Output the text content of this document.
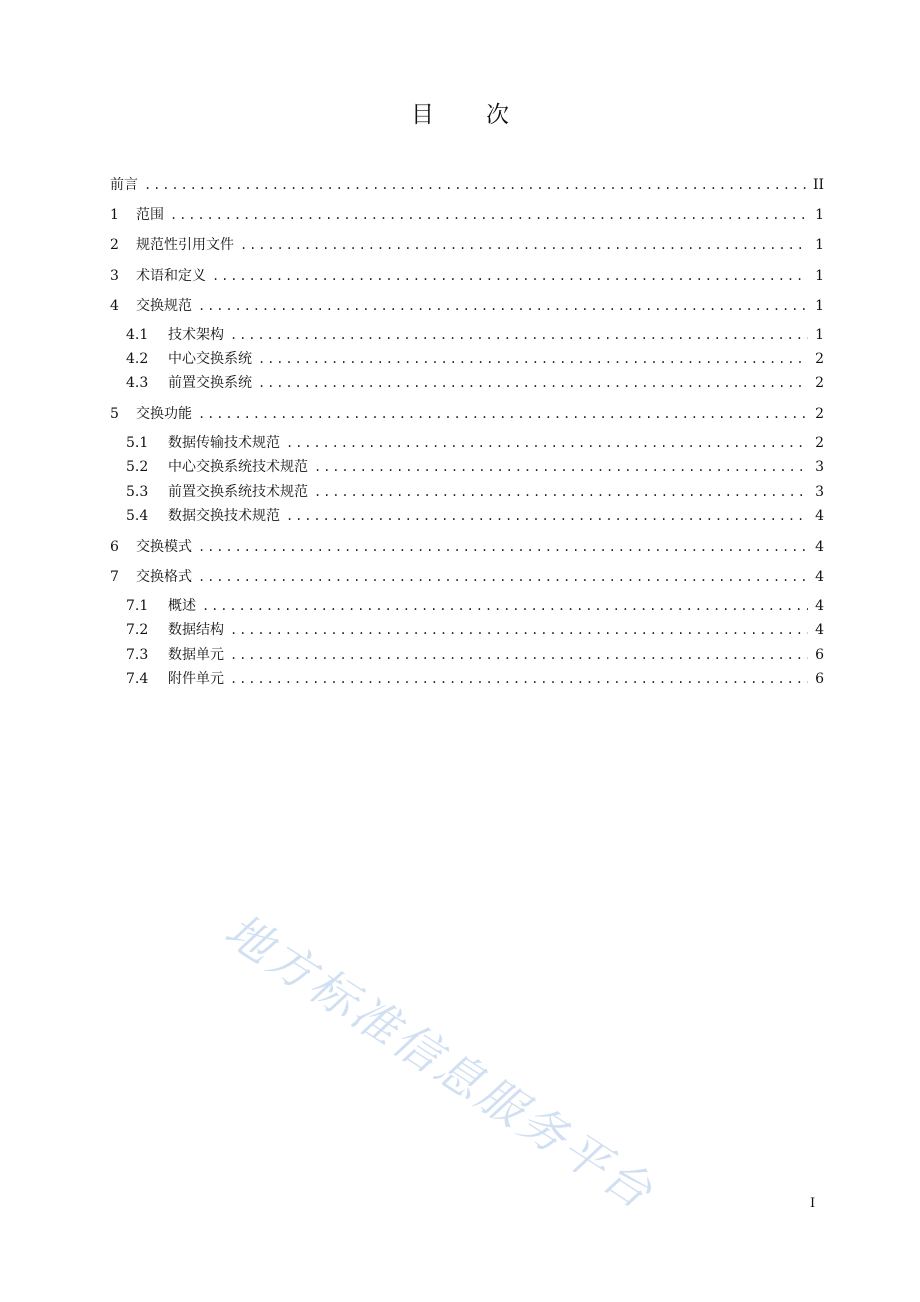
目 次
前言 .....	II
1	范围 .....	1
2	规范性引用文件 .....	1
3	术语和定义 .....	1
4	交换规范 .....	1
4.1	技术架构 .....	1
4.2	中心交换系统 .....	2
4.3	前置交换系统 .....	2
5	交换功能 .....	2
5.1	数据传输技术规范 .....	2
5.2	中心交换系统技术规范 .....	3
5.3	前置交换系统技术规范 .....	3
5.4	数据交换技术规范 .....	4
6	交换模式 .....	4
7	交换格式 .....	4
7.1	概述 .....	4
7.2	数据结构 .....	4
7.3	数据单元 .....	6
7.4	附件单元 .....	6
地方标准信息服务平台	I
